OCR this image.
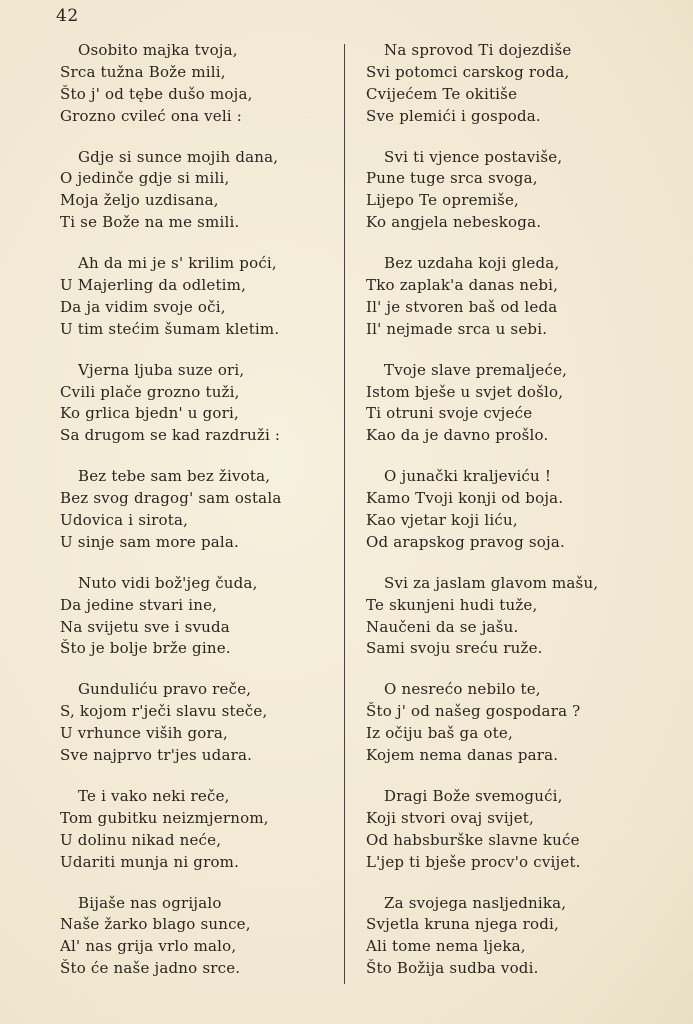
42
Osobito majka tvoja,
Srca tužna Bože mili,
Što j' od tębe dušo moja,
Grozno cvileć ona veli :
Gdje si sunce mojih dana,
O jedinče gdje si mili,
Moja željo uzdisana,
Ti se Bože na me smili.
Ah da mi je s' krilim poći,
U Majerling da odletim,
Da ja vidim svoje oči,
U tim stećim šumam kletim.
Vjerna ljuba suze ori,
Cvili plače grozno tuži,
Ko grlica bjedn' u gori,
Sa drugom se kad razdruži :
Bez tebe sam bez života,
Bez svog dragog' sam ostala
Udovica i sirota,
U sinje sam more pala.
Nuto vidi bož'jeg čuda,
Da jedine stvari ine,
Na svijetu sve i svuda
Što je bolje brže gine.
Gunduliću pravo reče,
S, kojom r'ječi slavu steče,
U vrhunce viših gora,
Sve najprvo tr'jes udara.
Te i vako neki reče,
Tom gubitku neizmjernom,
U dolinu nikad neće,
Udariti munja ni grom.
Bijaše nas ogrijalo
Naše žarko blago sunce,
Al' nas grija vrlo malo,
Što će naše jadno srce.
Na sprovod Ti dojezdiše
Svi potomci carskog roda,
Cvijećem Te okitiše
Sve plemići i gospoda.
Svi ti vjence postaviše,
Pune tuge srca svoga,
Lijepo Te opremiše,
Ko angjela nebeskoga.
Bez uzdaha koji gleda,
Tko zaplak'a danas nebi,
Il' je stvoren baš od leda
Il' nejmade srca u sebi.
Tvoje slave premaljeće,
Istom bješe u svjet došlo,
Ti otruni svoje cvjeće
Kao da je davno prošlo.
O junački kraljeviću !
Kamo Tvoji konji od boja.
Kao vjetar koji liću,
Od arapskog pravog soja.
Svi za jaslam glavom mašu,
Te skunjeni hudi tuže,
Naučeni da se jašu.
Sami svoju sreću ruže.
O nesrećo nebilo te,
Što j' od našeg gospodara ?
Iz očiju baš ga ote,
Kojem nema danas para.
Dragi Bože svemogući,
Koji stvori ovaj svijet,
Od habsburške slavne kuće
L'jep ti bješe procv'o cvijet.
Za svojega nasljednika,
Svjetla kruna njega rodi,
Ali tome nema ljeka,
Što Božija sudba vodi.
